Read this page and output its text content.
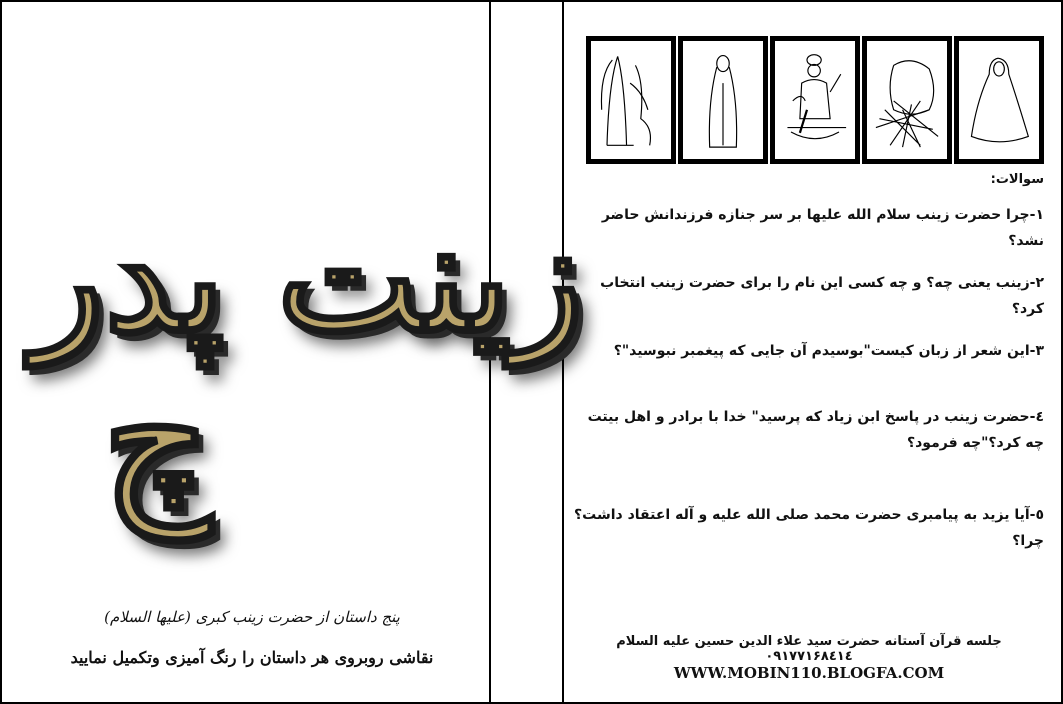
زینت پدر
چ
پنج داستان از حضرت زینب کبری (علیها السلام)
نقاشی روبروی هر داستان را رنگ آمیزی وتکمیل نمایید

سوالات:

۱-چرا حضرت زینب سلام الله علیها بر سر جنازه فرزندانش حاضر نشد؟

۲-زینب یعنی چه؟ و چه کسی این نام را برای حضرت زینب انتخاب کرد؟

۳-این شعر از زبان کیست"بوسیدم آن جایی که پیغمبر نبوسید"؟

٤-حضرت زینب در پاسخ ابن زیاد که پرسید" خدا با برادر و اهل بیتت چه کرد؟"چه فرمود؟

٥-آیا یزید به پیامبری حضرت محمد صلی الله علیه و آله اعتقاد داشت؟چرا؟

جلسه قرآن آستانه حضرت سید علاء الدین حسین علیه السلام ۰۹۱۷۷۱۶۸٤۱٤
WWW.MOBIN110.BLOGFA.COM
